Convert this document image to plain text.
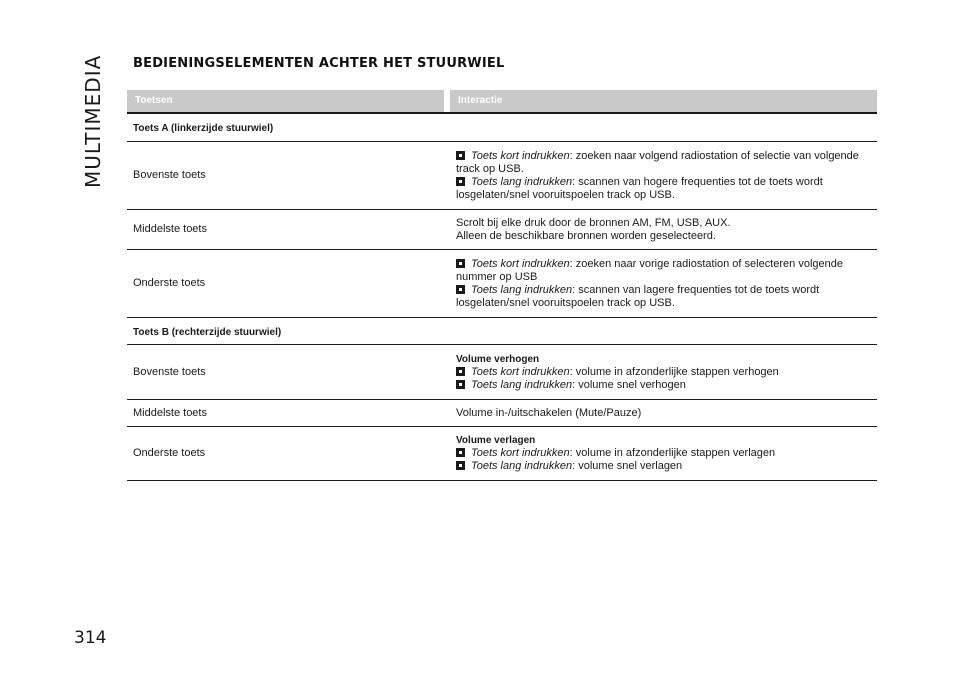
MULTIMEDIA BEDIENINGSELEMENTEN ACHTER HET STUURWIEL
Toetsen	Interactie
Toets A (linkerzijde stuurwiel)
Bovenste toets
Toets kort indrukken: zoeken naar volgend radiostation of selectie van volgende track op USB.
Toets lang indrukken: scannen van hogere frequenties tot de toets wordt losgelaten/snel vooruitspoelen track op USB.
Middelste toets
Scrolt bij elke druk door de bronnen AM, FM, USB, AUX.
Alleen de beschikbare bronnen worden geselecteerd.
Onderste toets
Toets kort indrukken: zoeken naar vorige radiostation of selecteren volgende nummer op USB
Toets lang indrukken: scannen van lagere frequenties tot de toets wordt losgelaten/snel vooruitspoelen track op USB.
Toets B (rechterzijde stuurwiel)
Bovenste toets
Volume verhogen
Toets kort indrukken: volume in afzonderlijke stappen verhogen
Toets lang indrukken: volume snel verhogen
Middelste toets	Volume in-/uitschakelen (Mute/Pauze)
Onderste toets
Volume verlagen
Toets kort indrukken: volume in afzonderlijke stappen verlagen
Toets lang indrukken: volume snel verlagen
314
